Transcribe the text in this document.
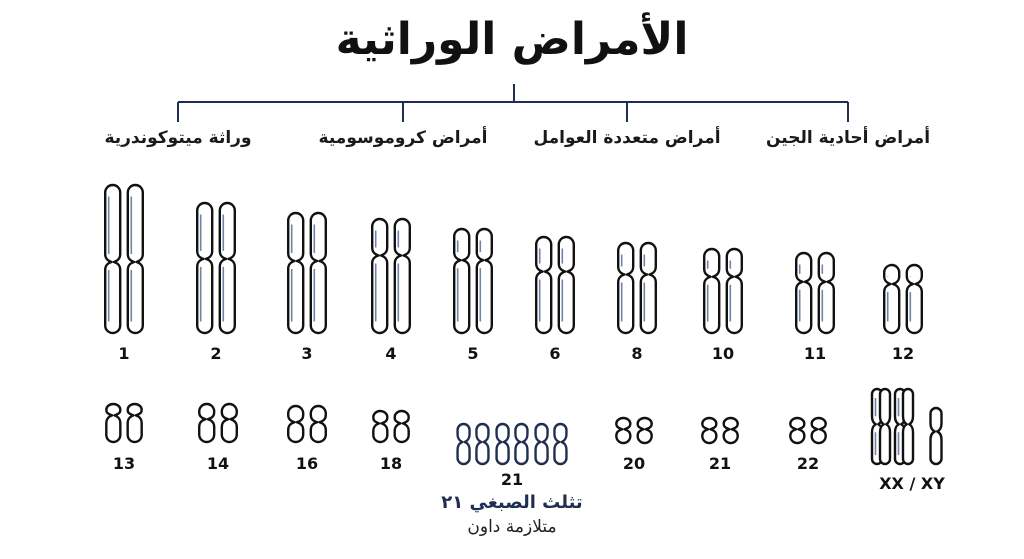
الأمراض الوراثية
أمراض أحادية الجين
أمراض متعددة العوامل
أمراض كروموسومية
وراثة ميتوكوندرية
1	2	3	4	5	6	8	10	11	12
13	14	16	18	20	21	22
21	XX / XY
تثلث الصبغي ٢١
متلازمة داون
